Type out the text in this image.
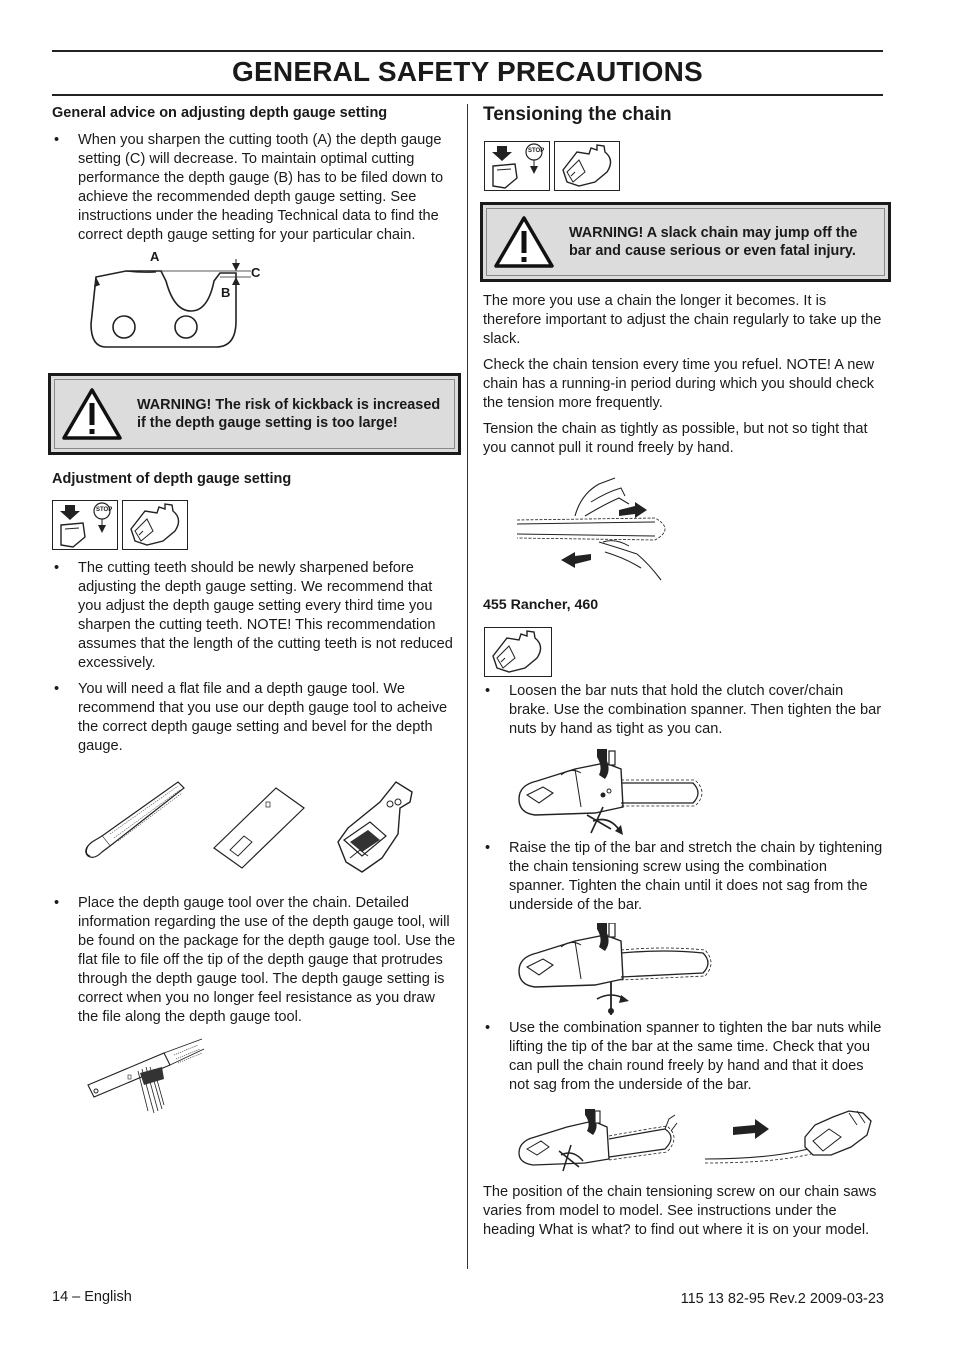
GENERAL SAFETY PRECAUTIONS
General advice on adjusting depth gauge setting
• When you sharpen the cutting tooth (A) the depth gauge setting (C) will decrease. To maintain optimal cutting performance the depth gauge (B) has to be filed down to achieve the recommended depth gauge setting. See instructions under the heading Technical data to find the correct depth gauge setting for your particular chain.
A
C
B
WARNING! The risk of kickback is increased if the depth gauge setting is too large!
Adjustment of depth gauge setting
STOP
• The cutting teeth should be newly sharpened before adjusting the depth gauge setting. We recommend that you adjust the depth gauge setting every third time you sharpen the cutting teeth. NOTE! This recommendation assumes that the length of the cutting teeth is not reduced excessively.
• You will need a flat file and a depth gauge tool. We recommend that you use our depth gauge tool to acheive the correct depth gauge setting and bevel for the depth gauge.
• Place the depth gauge tool over the chain. Detailed information regarding the use of the depth gauge tool, will be found on the package for the depth gauge tool. Use the flat file to file off the tip of the depth gauge that protrudes through the depth gauge tool. The depth gauge setting is correct when you no longer feel resistance as you draw the file along the depth gauge tool.
Tensioning the chain
STOP
WARNING! A slack chain may jump off the bar and cause serious or even fatal injury.

The more you use a chain the longer it becomes. It is therefore important to adjust the chain regularly to take up the slack.

Check the chain tension every time you refuel. NOTE! A new chain has a running-in period during which you should check the tension more frequently.

Tension the chain as tightly as possible, but not so tight that you cannot pull it round freely by hand.

455 Rancher, 460
• Loosen the bar nuts that hold the clutch cover/chain brake. Use the combination spanner. Then tighten the bar nuts by hand as tight as you can.
• Raise the tip of the bar and stretch the chain by tightening the chain tensioning screw using the combination spanner. Tighten the chain until it does not sag from the underside of the bar.
• Use the combination spanner to tighten the bar nuts while lifting the tip of the bar at the same time. Check that you can pull the chain round freely by hand and that it does not sag from the underside of the bar.

The position of the chain tensioning screw on our chain saws varies from model to model. See instructions under the heading What is what? to find out where it is on your model.

14 – English	115 13 82-95 Rev.2 2009-03-23
